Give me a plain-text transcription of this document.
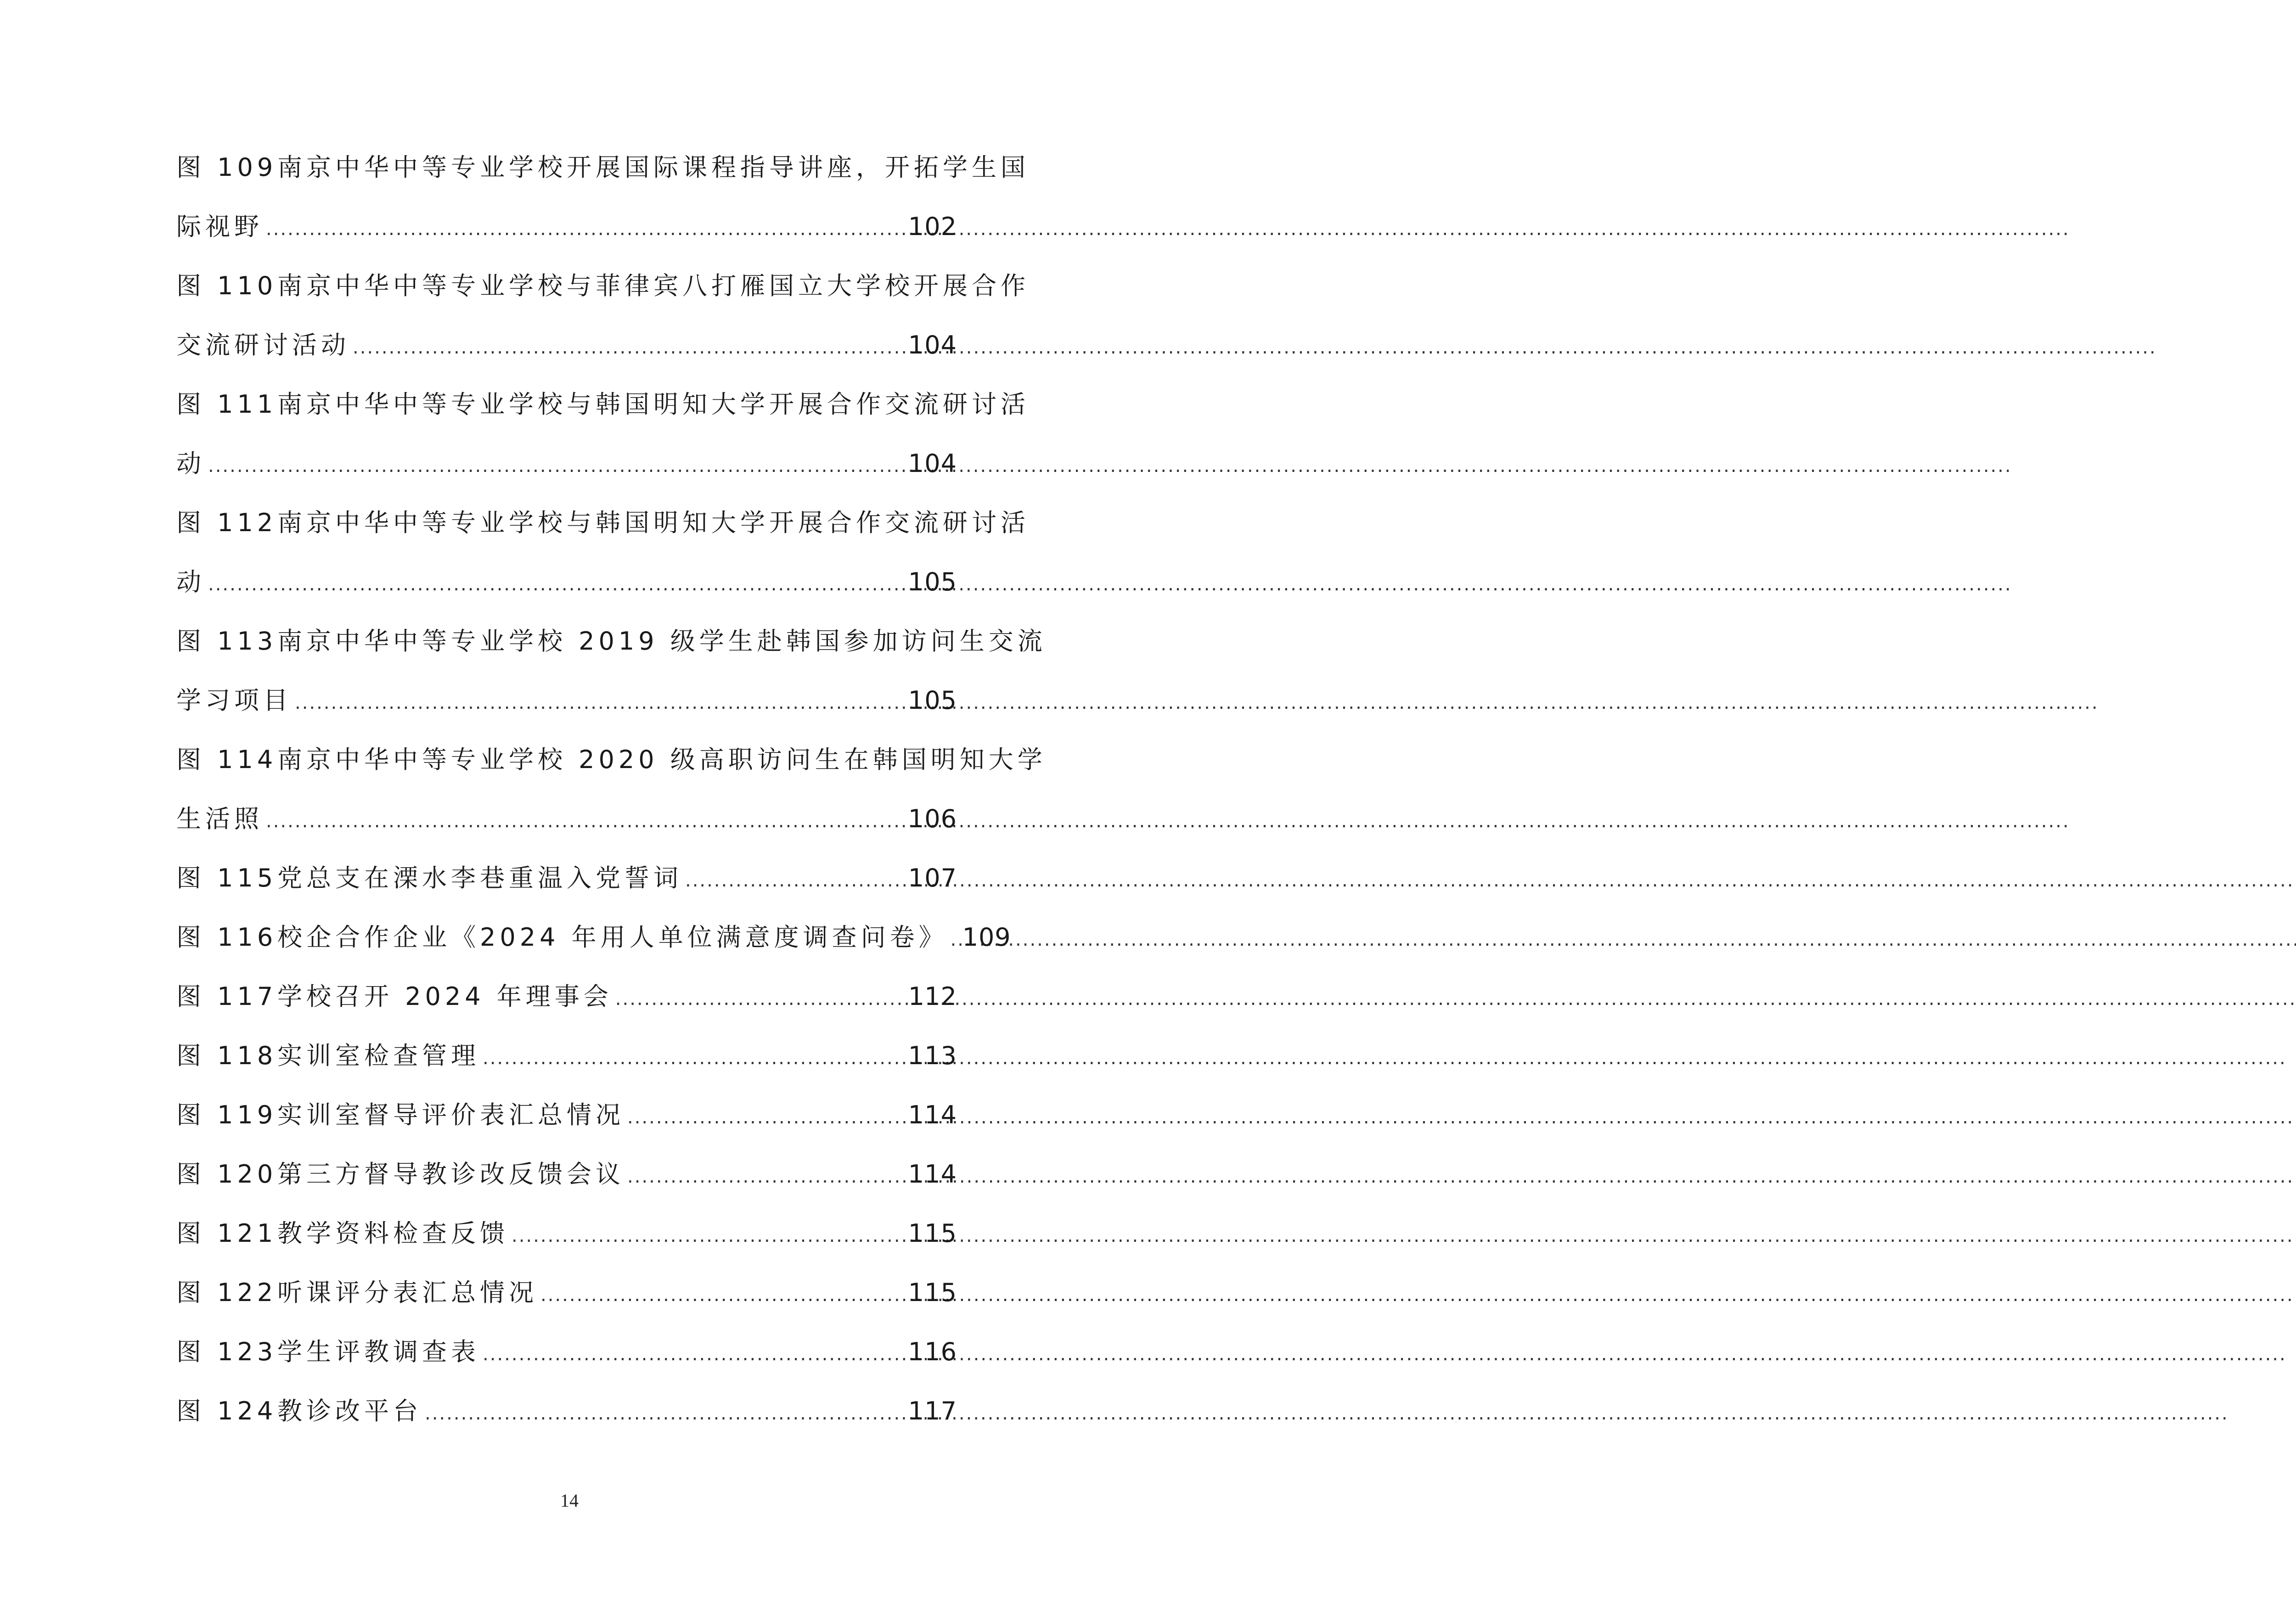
图 109南京中华中等专业学校开展国际课程指导讲座，开拓学生国
际视野 .....	102
图 110南京中华中等专业学校与菲律宾八打雁国立大学校开展合作
交流研讨活动 .....	104
图 111南京中华中等专业学校与韩国明知大学开展合作交流研讨活
动 .....	104
图 112南京中华中等专业学校与韩国明知大学开展合作交流研讨活
动 .....	105
图 113南京中华中等专业学校 2019 级学生赴韩国参加访问生交流
学习项目 .....	105
图 114南京中华中等专业学校 2020 级高职访问生在韩国明知大学
生活照 .....	106
图 115 党总支在溧水李巷重温入党誓词 .....	107
图 116 校企合作企业《2024 年用人单位满意度调查问卷》 ..... 109
图 117 学校召开 2024 年理事会 .....	112
图 118 实训室检查管理 .....	113
图 119 实训室督导评价表汇总情况 .....	114
图 120 第三方督导教诊改反馈会议 .....	114
图 121 教学资料检查反馈 .....	115
图 122 听课评分表汇总情况 .....	115
图 123 学生评教调查表 .....	116
图 124 教诊改平台 .....	117
14
